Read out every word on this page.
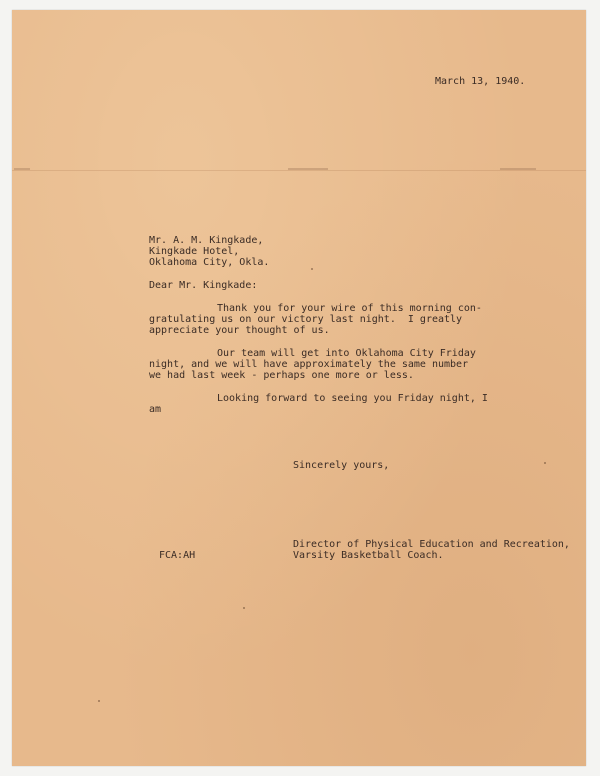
March 13, 1940.

Mr. A. M. Kingkade,

Kingkade Hotel,

Oklahoma City, Okla.

Dear Mr. Kingkade:

Thank you for your wire of this morning con-

gratulating us on our victory last night.  I greatly

appreciate your thought of us.

Our team will get into Oklahoma City Friday

night, and we will have approximately the same number

we had last week - perhaps one more or less.

Looking forward to seeing you Friday night, I

am

Sincerely yours,

Director of Physical Education and Recreation,

Varsity Basketball Coach.

FCA:AH
